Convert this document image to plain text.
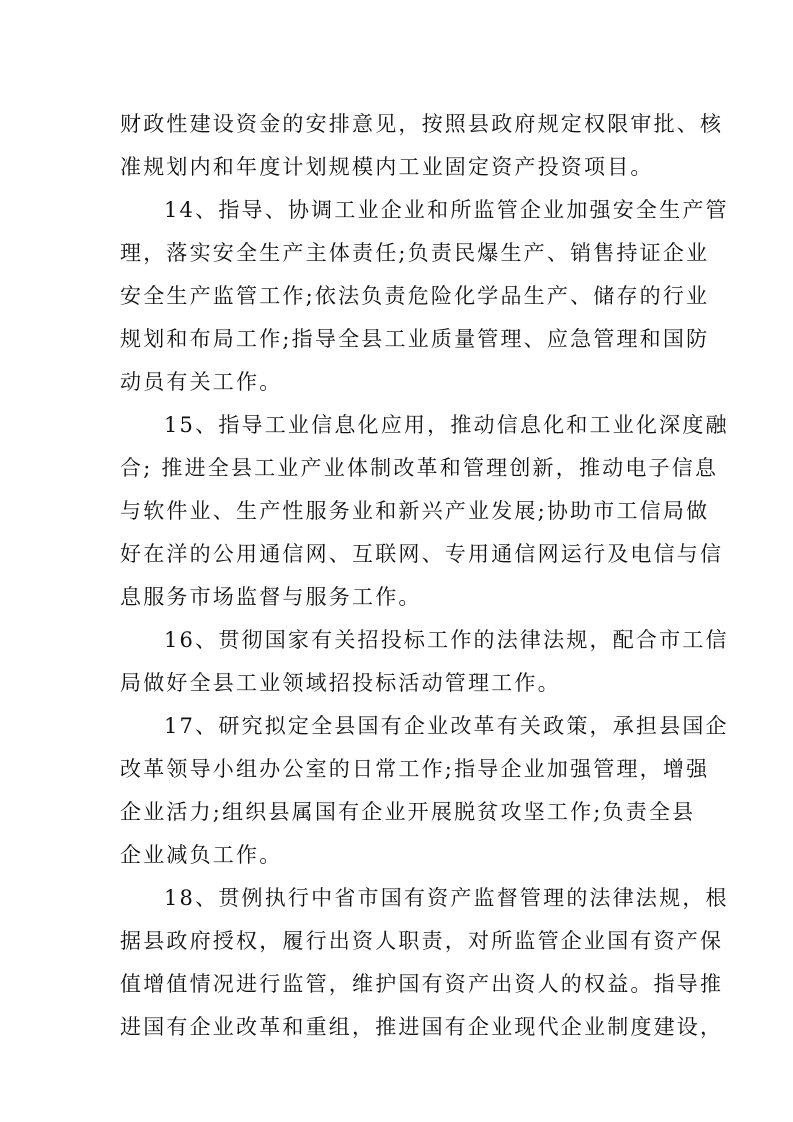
财政性建设资金的安排意见，按照县政府规定权限审批、核
准规划内和年度计划规模内工业固定资产投资项目。

14、指导、协调工业企业和所监管企业加强安全生产管
理，落实安全生产主体责任;负责民爆生产、销售持证企业
安全生产监管工作;依法负责危险化学品生产、储存的行业
规划和布局工作;指导全县工业质量管理、应急管理和国防
动员有关工作。

15、指导工业信息化应用，推动信息化和工业化深度融
合; 推进全县工业产业体制改革和管理创新，推动电子信息
与软件业、生产性服务业和新兴产业发展;协助市工信局做
好在洋的公用通信网、互联网、专用通信网运行及电信与信
息服务市场监督与服务工作。

16、贯彻国家有关招投标工作的法律法规，配合市工信
局做好全县工业领域招投标活动管理工作。

17、研究拟定全县国有企业改革有关政策，承担县国企
改革领导小组办公室的日常工作;指导企业加强管理，增强
企业活力;组织县属国有企业开展脱贫攻坚工作;负责全县
企业减负工作。

18、贯例执行中省市国有资产监督管理的法律法规，根
据县政府授权，履行出资人职责，对所监管企业国有资产保
值增值情况进行监管，维护国有资产出资人的权益。指导推
进国有企业改革和重组，推进国有企业现代企业制度建设，
